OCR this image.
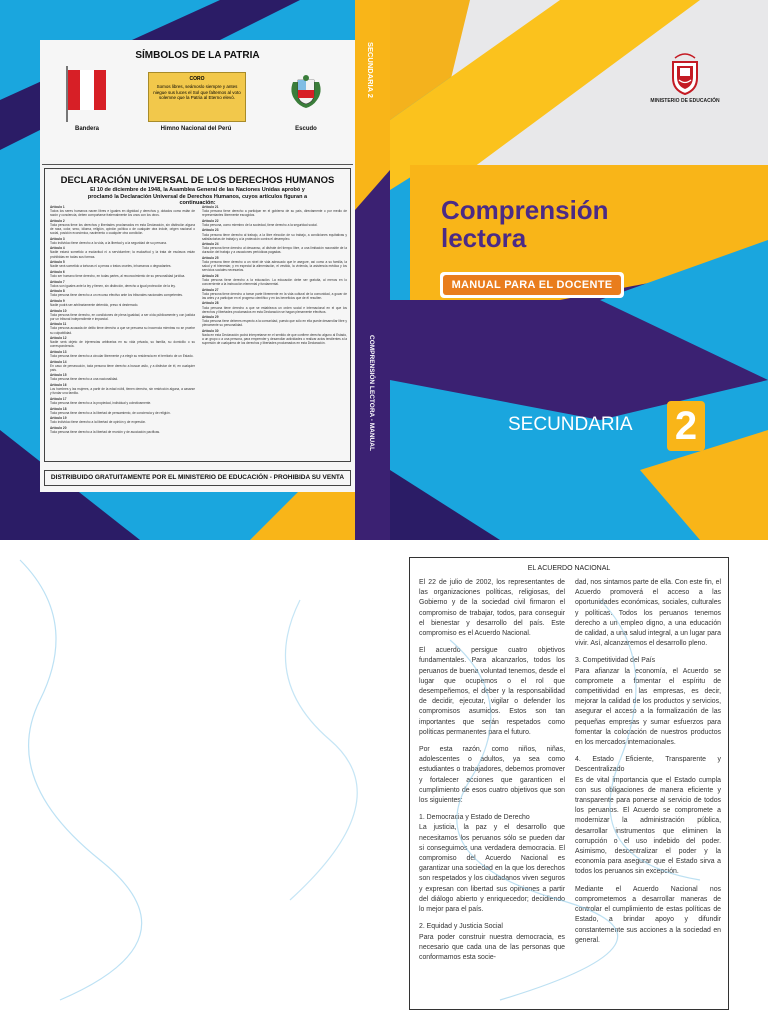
SÍMBOLOS DE LA PATRIA
Bandera
CORO
Somos libres, seámoslo siempre y antes niegue sus luces el Sol que faltemos al voto solemne que la Patria al Eterno elevó.
Himno Nacional del Perú	Escudo
DECLARACIÓN UNIVERSAL DE LOS DERECHOS HUMANOS
El 10 de diciembre de 1948, la Asamblea General de las Naciones Unidas aprobó y proclamó la Declaración Universal de Derechos Humanos, cuyos artículos figuran a continuación:

Artículo 1
Todos los seres humanos nacen libres e iguales en dignidad y derechos y, dotados como están de razón y conciencia, deben comportarse fraternalmente los unos con los otros.

Artículo 2
Toda persona tiene los derechos y libertades proclamados en esta Declaración, sin distinción alguna de raza, color, sexo, idioma, religión, opinión política o de cualquier otra índole, origen nacional o social, posición económica, nacimiento o cualquier otra condición.

Artículo 3
Todo individuo tiene derecho a la vida, a la libertad y a la seguridad de su persona.

Artículo 4
Nadie estará sometido a esclavitud ni a servidumbre; la esclavitud y la trata de esclavos están prohibidas en todas sus formas.

Artículo 5
Nadie será sometido a torturas ni a penas o tratos crueles, inhumanos o degradantes.

Artículo 6
Todo ser humano tiene derecho, en todas partes, al reconocimiento de su personalidad jurídica.

Artículo 7
Todos son iguales ante la ley y tienen, sin distinción, derecho a igual protección de la ley.

Artículo 8
Toda persona tiene derecho a un recurso efectivo ante los tribunales nacionales competentes.

Artículo 9
Nadie podrá ser arbitrariamente detenido, preso ni desterrado.

Artículo 10
Toda persona tiene derecho, en condiciones de plena igualdad, a ser oída públicamente y con justicia por un tribunal independiente e imparcial.

Artículo 11
Toda persona acusada de delito tiene derecho a que se presuma su inocencia mientras no se pruebe su culpabilidad.

Artículo 12
Nadie será objeto de injerencias arbitrarias en su vida privada, su familia, su domicilio o su correspondencia.

Artículo 13
Toda persona tiene derecho a circular libremente y a elegir su residencia en el territorio de un Estado.

Artículo 14
En caso de persecución, toda persona tiene derecho a buscar asilo, y a disfrutar de él, en cualquier país.

Artículo 15
Toda persona tiene derecho a una nacionalidad.

Artículo 16
Los hombres y las mujeres, a partir de la edad núbil, tienen derecho, sin restricción alguna, a casarse y fundar una familia.

Artículo 17
Toda persona tiene derecho a la propiedad, individual y colectivamente.

Artículo 18
Toda persona tiene derecho a la libertad de pensamiento, de conciencia y de religión.

Artículo 19
Todo individuo tiene derecho a la libertad de opinión y de expresión.

Artículo 20
Toda persona tiene derecho a la libertad de reunión y de asociación pacíficas.

Artículo 21
Toda persona tiene derecho a participar en el gobierno de su país, directamente o por medio de representantes libremente escogidos.

Artículo 22
Toda persona, como miembro de la sociedad, tiene derecho a la seguridad social.

Artículo 23
Toda persona tiene derecho al trabajo, a la libre elección de su trabajo, a condiciones equitativas y satisfactorias de trabajo y a la protección contra el desempleo.

Artículo 24
Toda persona tiene derecho al descanso, al disfrute del tiempo libre, a una limitación razonable de la duración del trabajo y a vacaciones periódicas pagadas.

Artículo 25
Toda persona tiene derecho a un nivel de vida adecuado que le asegure, así como a su familia, la salud y el bienestar, y en especial la alimentación, el vestido, la vivienda, la asistencia médica y los servicios sociales necesarios.

Artículo 26
Toda persona tiene derecho a la educación. La educación debe ser gratuita, al menos en lo concerniente a la instrucción elemental y fundamental.

Artículo 27
Toda persona tiene derecho a tomar parte libremente en la vida cultural de la comunidad, a gozar de las artes y a participar en el progreso científico y en los beneficios que de él resulten.

Artículo 28
Toda persona tiene derecho a que se establezca un orden social e internacional en el que los derechos y libertades proclamados en esta Declaración se hagan plenamente efectivos.

Artículo 29
Toda persona tiene deberes respecto a la comunidad, puesto que sólo en ella puede desarrollar libre y plenamente su personalidad.

Artículo 30
Nada en esta Declaración podrá interpretarse en el sentido de que confiere derecho alguno al Estado, a un grupo o a una persona, para emprender y desarrollar actividades o realizar actos tendientes a la supresión de cualquiera de los derechos y libertades proclamados en esta Declaración.

DISTRIBUIDO GRATUITAMENTE POR EL MINISTERIO DE EDUCACIÓN - PROHIBIDA SU VENTA
COMPRENSIÓN LECTORA - MANUAL
MINISTERIO DE EDUCACIÓN
Comprensión
lectora
MANUAL PARA EL DOCENTE
SECUNDARIA 2
EL ACUERDO NACIONAL

El 22 de julio de 2002, los representantes de las organizaciones políticas, religiosas, del Gobierno y de la sociedad civil firmaron el compromiso de trabajar, todos, para conseguir el bienestar y desarrollo del país. Este compromiso es el Acuerdo Nacional.

El acuerdo persigue cuatro objetivos fundamentales. Para alcanzarlos, todos los peruanos de buena voluntad tenemos, desde el lugar que ocupemos o el rol que desempeñemos, el deber y la responsabilidad de decidir, ejecutar, vigilar o defender los compromisos asumidos. Estos son tan importantes que serán respetados como políticas permanentes para el futuro.

Por esta razón, como niños, niñas, adolescentes o adultos, ya sea como estudiantes o trabajadores, debemos promover y fortalecer acciones que garanticen el cumplimiento de esos cuatro objetivos que son los siguientes:

1. Democracia y Estado de Derecho
La justicia, la paz y el desarrollo que necesitamos los peruanos sólo se pueden dar si conseguimos una verdadera democracia. El compromiso del Acuerdo Nacional es garantizar una sociedad en la que los derechos son respetados y los ciudadanos viven seguros y expresan con libertad sus opiniones a partir del diálogo abierto y enriquecedor; decidiendo lo mejor para el país.

2. Equidad y Justicia Social
Para poder construir nuestra democracia, es necesario que cada una de las personas que conformamos esta socie-

dad, nos sintamos parte de ella. Con este fin, el Acuerdo promoverá el acceso a las oportunidades económicas, sociales, culturales y políticas. Todos los peruanos tenemos derecho a un empleo digno, a una educación de calidad, a una salud integral, a un lugar para vivir. Así, alcanzaremos el desarrollo pleno.

3. Competitividad del País
Para afianzar la economía, el Acuerdo se compromete a fomentar el espíritu de competitividad en las empresas, es decir, mejorar la calidad de los productos y servicios, asegurar el acceso a la formalización de las pequeñas empresas y sumar esfuerzos para fomentar la colocación de nuestros productos en los mercados internacionales.

4. Estado Eficiente, Transparente y Descentralizado
Es de vital importancia que el Estado cumpla con sus obligaciones de manera eficiente y transparente para ponerse al servicio de todos los peruanos. El Acuerdo se compromete a modernizar la administración pública, desarrollar instrumentos que eliminen la corrupción o el uso indebido del poder. Asimismo, descentralizar el poder y la economía para asegurar que el Estado sirva a todos los peruanos sin excepción.

Mediante el Acuerdo Nacional nos comprometemos a desarrollar maneras de controlar el cumplimiento de estas políticas de Estado, a brindar apoyo y difundir constantemente sus acciones a la sociedad en general.
